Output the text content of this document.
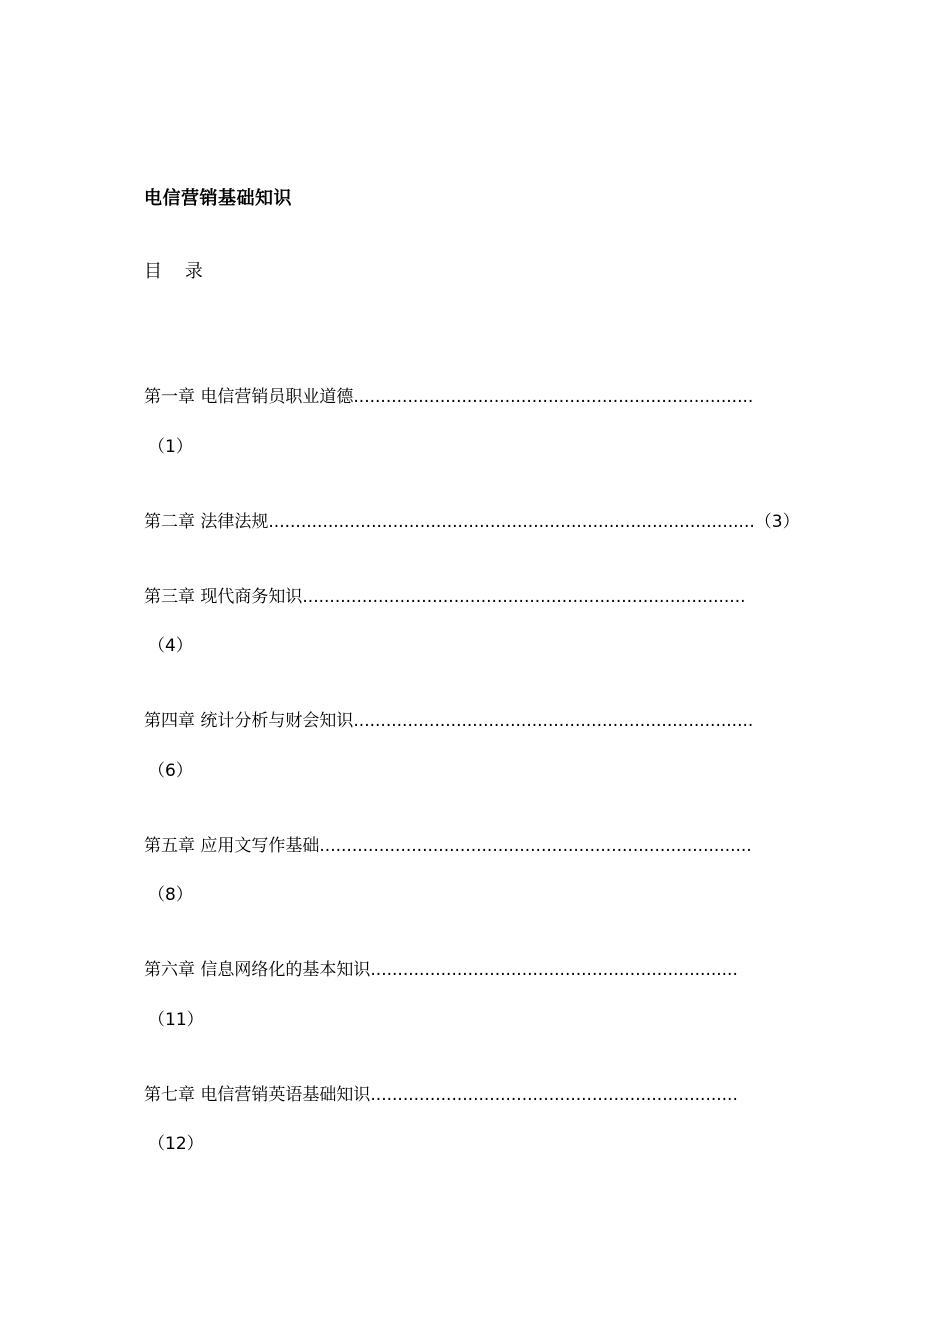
电信营销基础知识
目    录
第一章 电信营销员职业道德..........................................................................
（1）
第二章 法律法规..........................................................................................（3）
第三章 现代商务知识..................................................................................
（4）
第四章 统计分析与财会知识..........................................................................
（6）
第五章 应用文写作基础................................................................................
（8）
第六章 信息网络化的基本知识....................................................................
（11）
第七章 电信营销英语基础知识....................................................................
（12）
